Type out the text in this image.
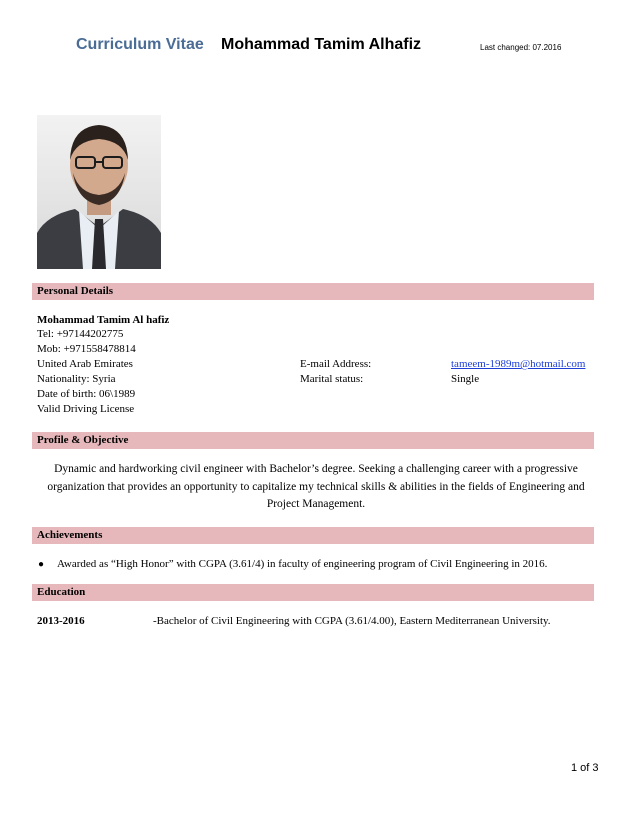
Curriculum Vitae Mohammad Tamim Alhafiz	Last changed: 07.2016
Personal Details
Mohammad Tamim Al hafiz
Tel: +97144202775
Mob: +971558478814
United Arab Emirates
Nationality: Syria
Date of birth: 06\1989
Valid Driving License
E-mail Address:	tameem-1989m@hotmail.com
Marital status:	Single
Profile & Objective
Dynamic and hardworking civil engineer with Bachelor’s degree. Seeking a challenging career with a progressive organization that provides an opportunity to capitalize my technical skills & abilities in the fields of Engineering and Project Management.
Achievements
● Awarded as “High Honor” with CGPA (3.61/4) in faculty of engineering program of Civil Engineering in 2016.
Education
2013-2016	-Bachelor of Civil Engineering with CGPA (3.61/4.00), Eastern Mediterranean University.
1 of 3
